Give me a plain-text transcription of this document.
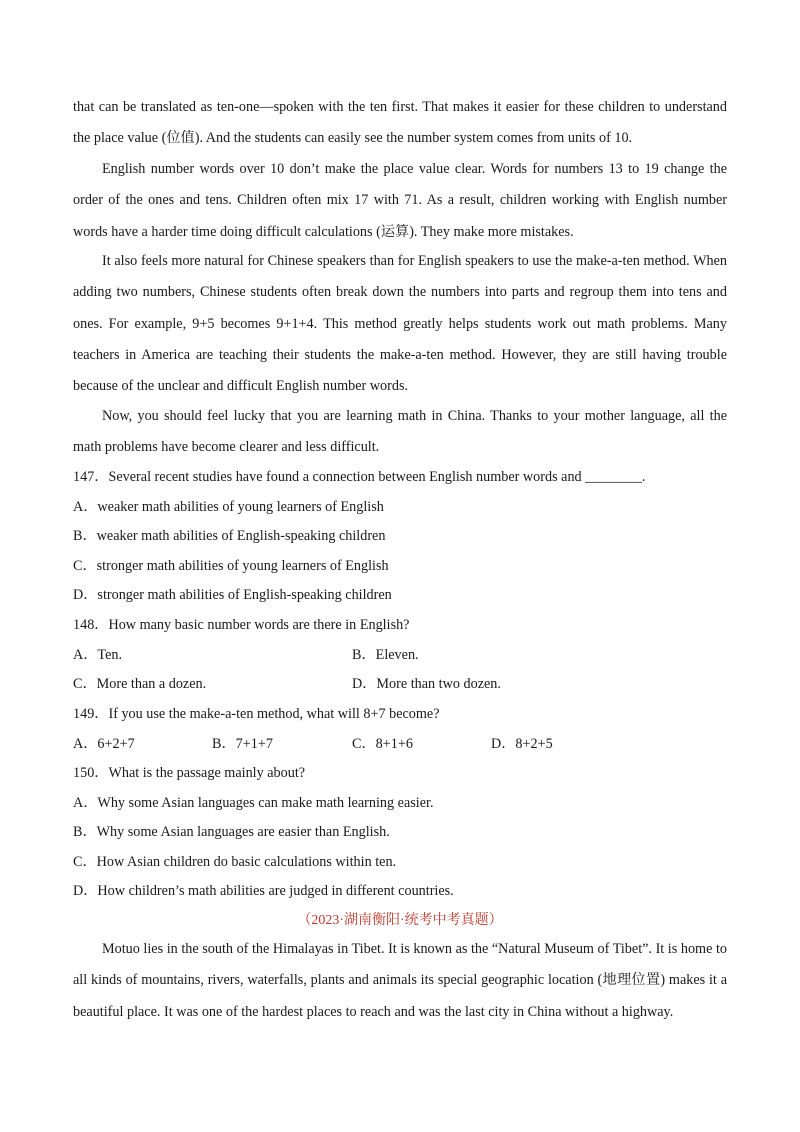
that can be translated as ten-one—spoken with the ten first. That makes it easier for these children to understand the place value (位值). And the students can easily see the number system comes from units of 10.

English number words over 10 don’t make the place value clear. Words for numbers 13 to 19 change the order of the ones and tens. Children often mix 17 with 71. As a result, children working with English number words have a harder time doing difficult calculations (运算). They make more mistakes.

It also feels more natural for Chinese speakers than for English speakers to use the make-a-ten method. When adding two numbers, Chinese students often break down the numbers into parts and regroup them into tens and ones. For example, 9+5 becomes 9+1+4. This method greatly helps students work out math problems. Many teachers in America are teaching their students the make-a-ten method. However, they are still having trouble because of the unclear and difficult English number words.

Now, you should feel lucky that you are learning math in China. Thanks to your mother language, all the math problems have become clearer and less difficult.

147．Several recent studies have found a connection between English number words and ________.
A．weaker math abilities of young learners of English
B．weaker math abilities of English-speaking children
C．stronger math abilities of young learners of English
D．stronger math abilities of English-speaking children
148．How many basic number words are there in English?
A．Ten.	B．Eleven.
C．More than a dozen.	D．More than two dozen.
149．If you use the make-a-ten method, what will 8+7 become?
A．6+2+7	B．7+1+7	C．8+1+6	D．8+2+5
150．What is the passage mainly about?
A．Why some Asian languages can make math learning easier.
B．Why some Asian languages are easier than English.
C．How Asian children do basic calculations within ten.
D．How children’s math abilities are judged in different countries.
（2023·湖南衡阳·统考中考真题）

Motuo lies in the south of the Himalayas in Tibet. It is known as the “Natural Museum of Tibet”. It is home to all kinds of mountains, rivers, waterfalls, plants and animals its special geographic location (地理位置) makes it a beautiful place. It was one of the hardest places to reach and was the last city in China without a highway.
